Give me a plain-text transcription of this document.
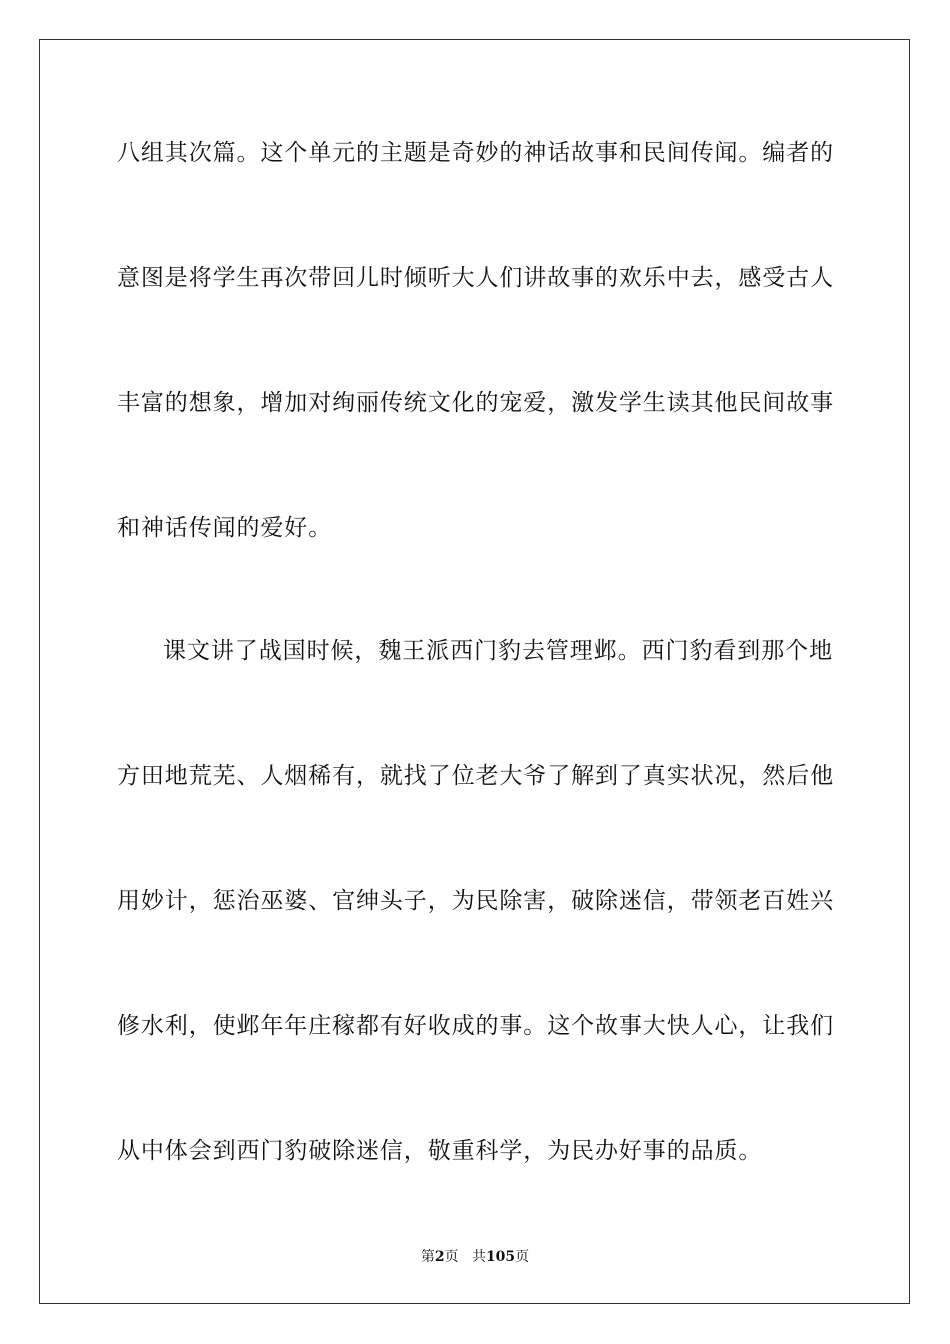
八组其次篇。这个单元的主题是奇妙的神话故事和民间传闻。编者的
意图是将学生再次带回儿时倾听大人们讲故事的欢乐中去，感受古人
丰富的想象，增加对绚丽传统文化的宠爱，激发学生读其他民间故事
和神话传闻的爱好。
课文讲了战国时候，魏王派西门豹去管理邺。西门豹看到那个地
方田地荒芜、人烟稀有，就找了位老大爷了解到了真实状况，然后他
用妙计，惩治巫婆、官绅头子，为民除害，破除迷信，带领老百姓兴
修水利，使邺年年庄稼都有好收成的事。这个故事大快人心，让我们
从中体会到西门豹破除迷信，敬重科学，为民办好事的品质。
第2页 共105页
